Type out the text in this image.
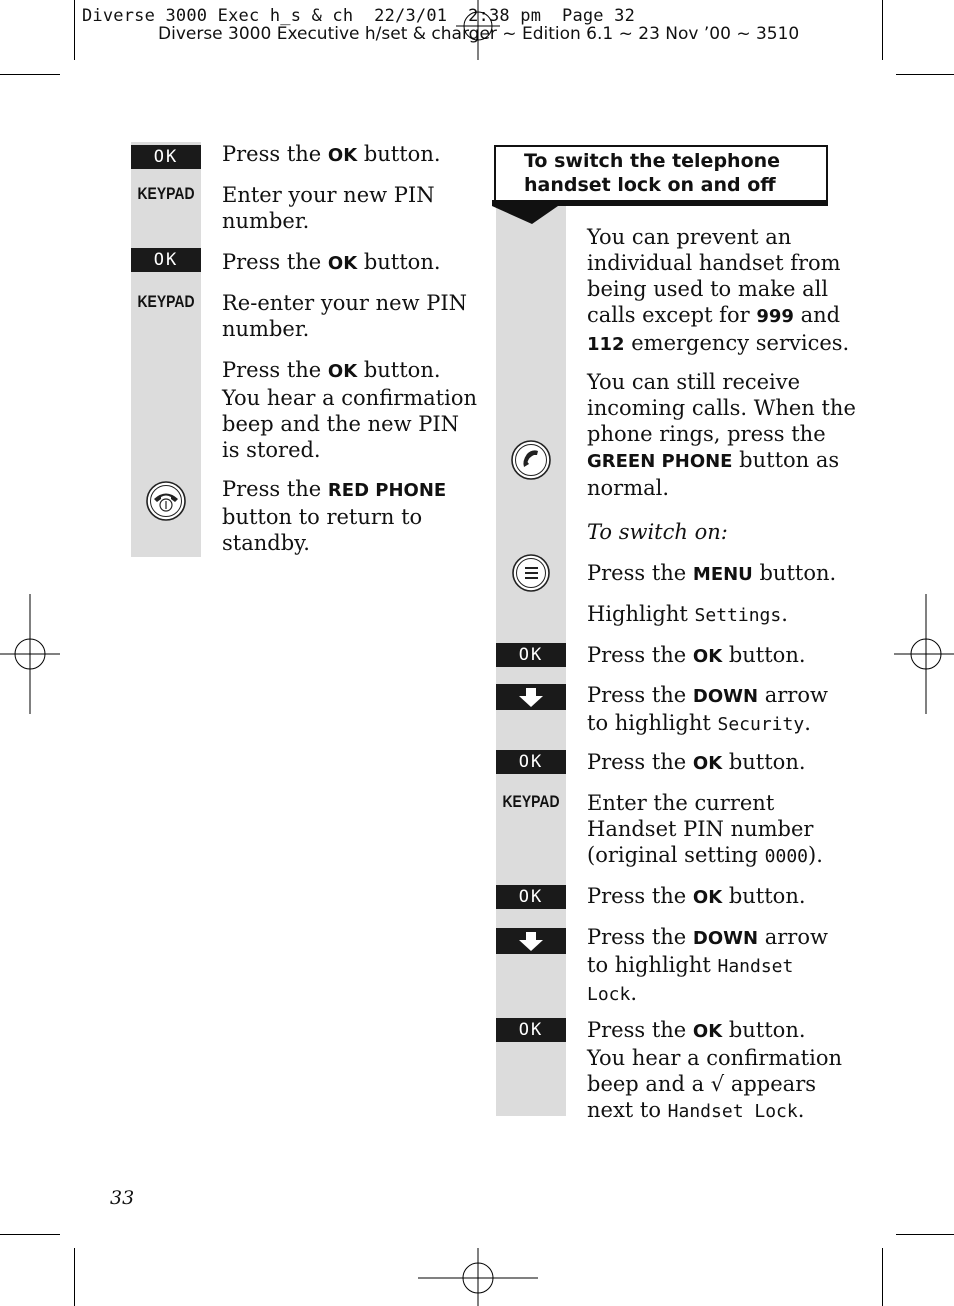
Diverse 3000 Exec h_s & ch  22/3/01  2:38 pm  Page 32
Diverse 3000 Executive h/set & charger ~ Edition 6.1 ~ 23 Nov ’00 ~ 3510
OK	Press the OK button.
KEYPAD Enter your new PIN
number.
OK	Press the OK button.
KEYPAD Re-enter your new PIN
number.
Press the OK button.
You hear a confirmation
beep and the new PIN
is stored.
Press the RED PHONE
button to return to
standby.
To switch the telephone
handset lock on and off
You can prevent an
individual handset from
being used to make all
calls except for 999 and
112 emergency services.
You can still receive
incoming calls. When the
phone rings, press the
GREEN PHONE button as
normal.
To switch on:
Press the MENU button.
Highlight Settings.
OK	Press the OK button.
Press the DOWN arrow
to highlight Security.
OK	Press the OK button.
KEYPAD Enter the current
Handset PIN number
(original setting 0000).
OK	Press the OK button.
Press the DOWN arrow
to highlight Handset
Lock.
OK	Press the OK button.
You hear a confirmation
beep and a √ appears
next to Handset Lock.
33
